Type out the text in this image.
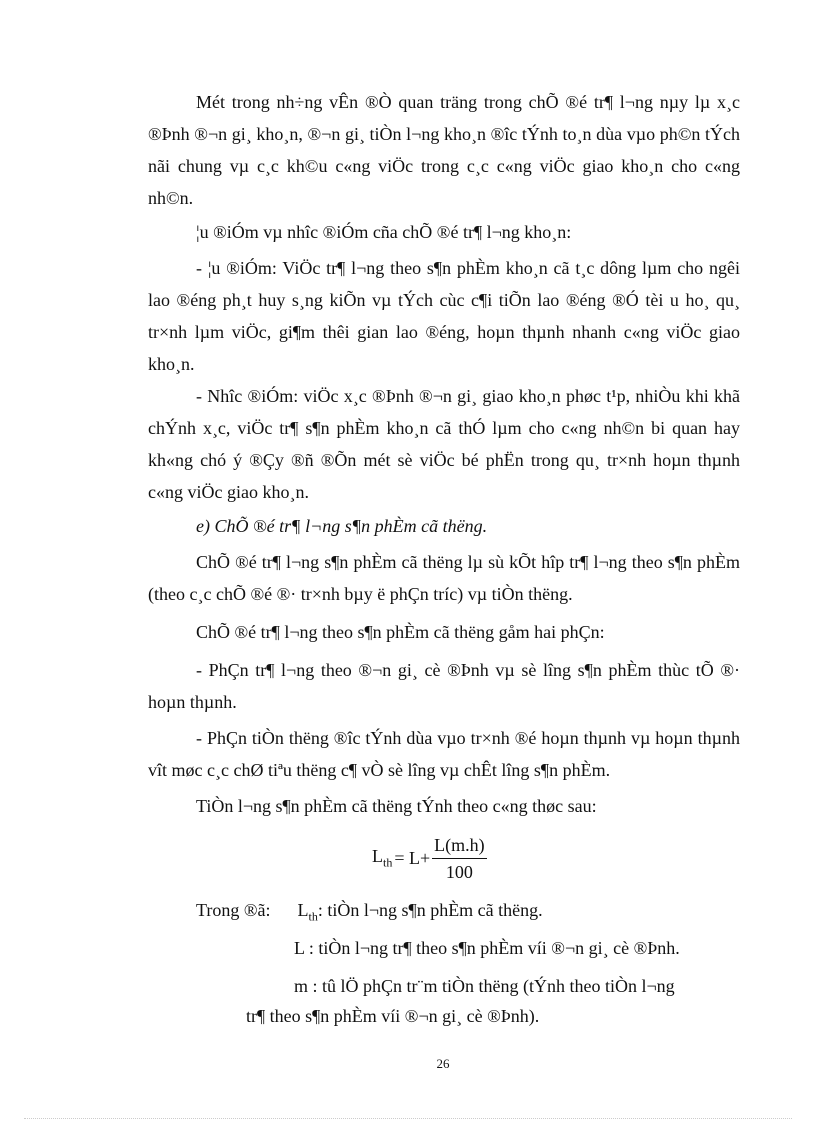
Mét trong nh÷ng vÊn ®Ò quan träng trong chÕ ®é tr¶ l¬ng nµy lµ x¸c ®Þnh ®¬n gi¸ kho¸n, ®¬n gi¸ tiÒn l¬ng kho¸n ®îc tÝnh to¸n dùa vµo ph©n tÝch nãi chung vµ c¸c kh©u c«ng viÖc trong c¸c c«ng viÖc giao kho¸n cho c«ng nh©n.

¦u ®iÓm vµ nhîc ®iÓm cña chÕ ®é tr¶ l¬ng kho¸n:

- ¦u ®iÓm: ViÖc tr¶ l¬ng theo s¶n phÈm kho¸n cã t¸c dông lµm cho ngêi lao ®éng ph¸t huy s¸ng kiÕn vµ tÝch cùc c¶i tiÕn lao ®éng ®Ó tèi u ho¸ qu¸ tr×nh lµm viÖc, gi¶m thêi gian lao ®éng, hoµn thµnh nhanh c«ng viÖc giao kho¸n.

- Nhîc ®iÓm: viÖc x¸c ®Þnh ®¬n gi¸ giao kho¸n phøc t¹p, nhiÒu khi khã chÝnh x¸c, viÖc tr¶ s¶n phÈm kho¸n cã thÓ lµm cho c«ng nh©n bi quan hay kh«ng chó ý ®Çy ®ñ ®Õn mét sè viÖc bé phËn trong qu¸ tr×nh hoµn thµnh c«ng viÖc giao kho¸n.

e) ChÕ ®é tr¶ l¬ng s¶n phÈm cã thëng.

ChÕ ®é tr¶ l¬ng s¶n phÈm cã thëng lµ sù kÕt hîp tr¶ l¬ng theo s¶n phÈm (theo c¸c chÕ ®é ®· tr×nh bµy ë phÇn tríc) vµ tiÒn thëng.

ChÕ ®é tr¶ l¬ng theo s¶n phÈm cã thëng gåm hai phÇn:

- PhÇn tr¶ l¬ng theo ®¬n gi¸ cè ®Þnh vµ sè lîng s¶n phÈm thùc tÕ ®· hoµn thµnh.

- PhÇn tiÒn thëng ®îc tÝnh dùa vµo tr×nh ®é hoµn thµnh vµ hoµn thµnh vît møc c¸c chØ tiªu thëng c¶ vÒ sè lîng vµ chÊt lîng s¶n phÈm.

TiÒn l¬ng s¶n phÈm cã thëng tÝnh theo c«ng thøc sau:

$L_{th} = L+ \frac{L(m.h)}{100}$

Trong ®ã: $L_{th}$: tiÒn l¬ng s¶n phÈm cã thëng.

L : tiÒn l¬ng tr¶ theo s¶n phÈm víi ®¬n gi¸ cè ®Þnh.

m : tû lÖ phÇn tr¨m tiÒn thëng (tÝnh theo tiÒn l¬ng

tr¶ theo s¶n phÈm víi ®¬n gi¸ cè ®Þnh).

26
